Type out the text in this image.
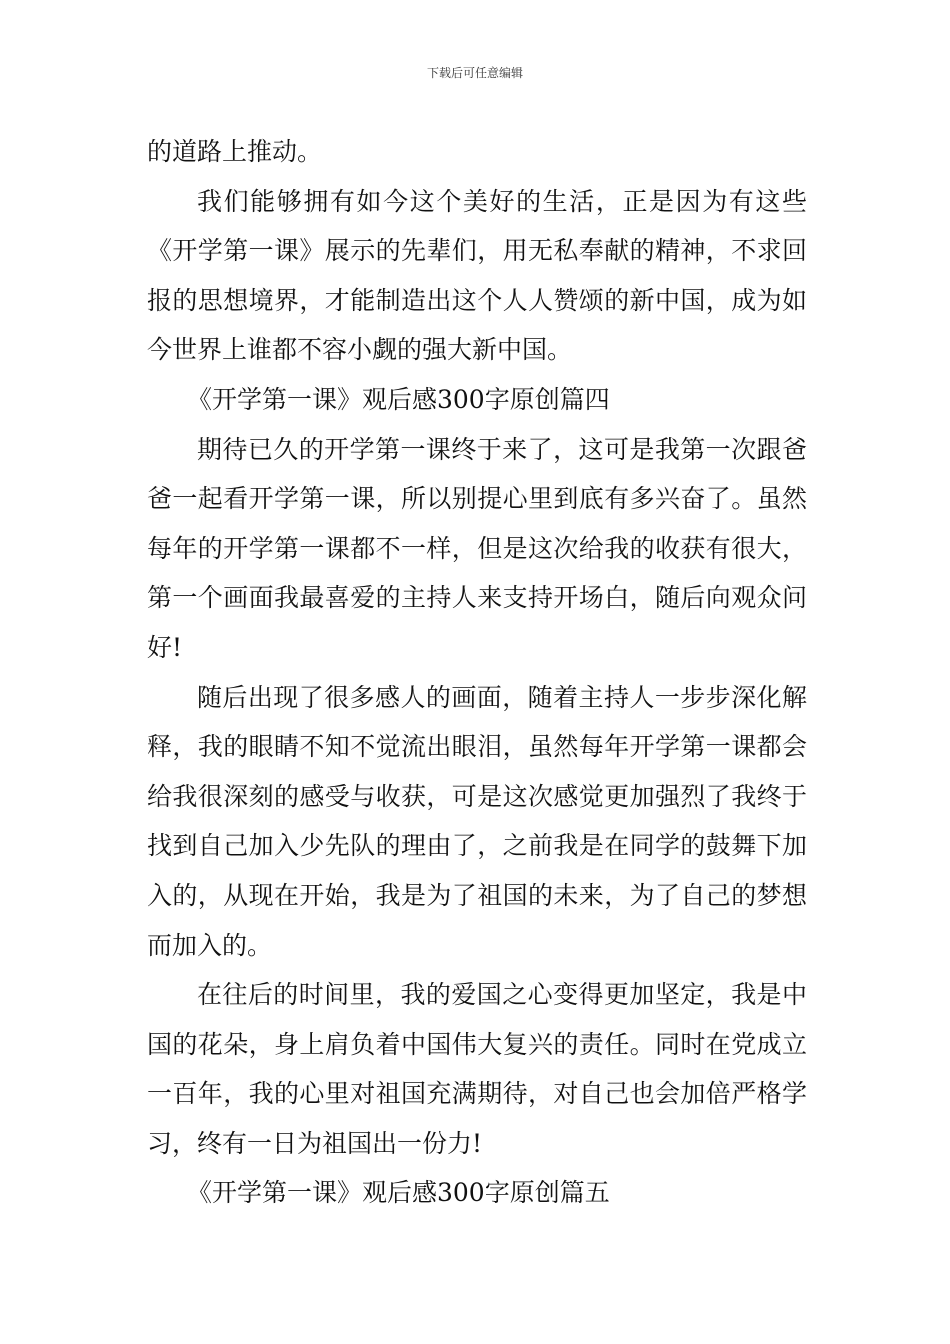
下载后可任意编辑

的道路上推动。

我们能够拥有如今这个美好的生活，正是因为有这些《开学第一课》展示的先辈们，用无私奉献的精神，不求回报的思想境界，才能制造出这个人人赞颂的新中国，成为如今世界上谁都不容小觑的强大新中国。

《开学第一课》观后感300字原创篇四

期待已久的开学第一课终于来了，这可是我第一次跟爸爸一起看开学第一课，所以别提心里到底有多兴奋了。虽然每年的开学第一课都不一样，但是这次给我的收获有很大，第一个画面我最喜爱的主持人来支持开场白，随后向观众问好!

随后出现了很多感人的画面，随着主持人一步步深化解释，我的眼睛不知不觉流出眼泪，虽然每年开学第一课都会给我很深刻的感受与收获，可是这次感觉更加强烈了我终于找到自己加入少先队的理由了，之前我是在同学的鼓舞下加入的，从现在开始，我是为了祖国的未来，为了自己的梦想而加入的。

在往后的时间里，我的爱国之心变得更加坚定，我是中国的花朵，身上肩负着中国伟大复兴的责任。同时在党成立一百年，我的心里对祖国充满期待，对自己也会加倍严格学习，终有一日为祖国出一份力!

《开学第一课》观后感300字原创篇五
